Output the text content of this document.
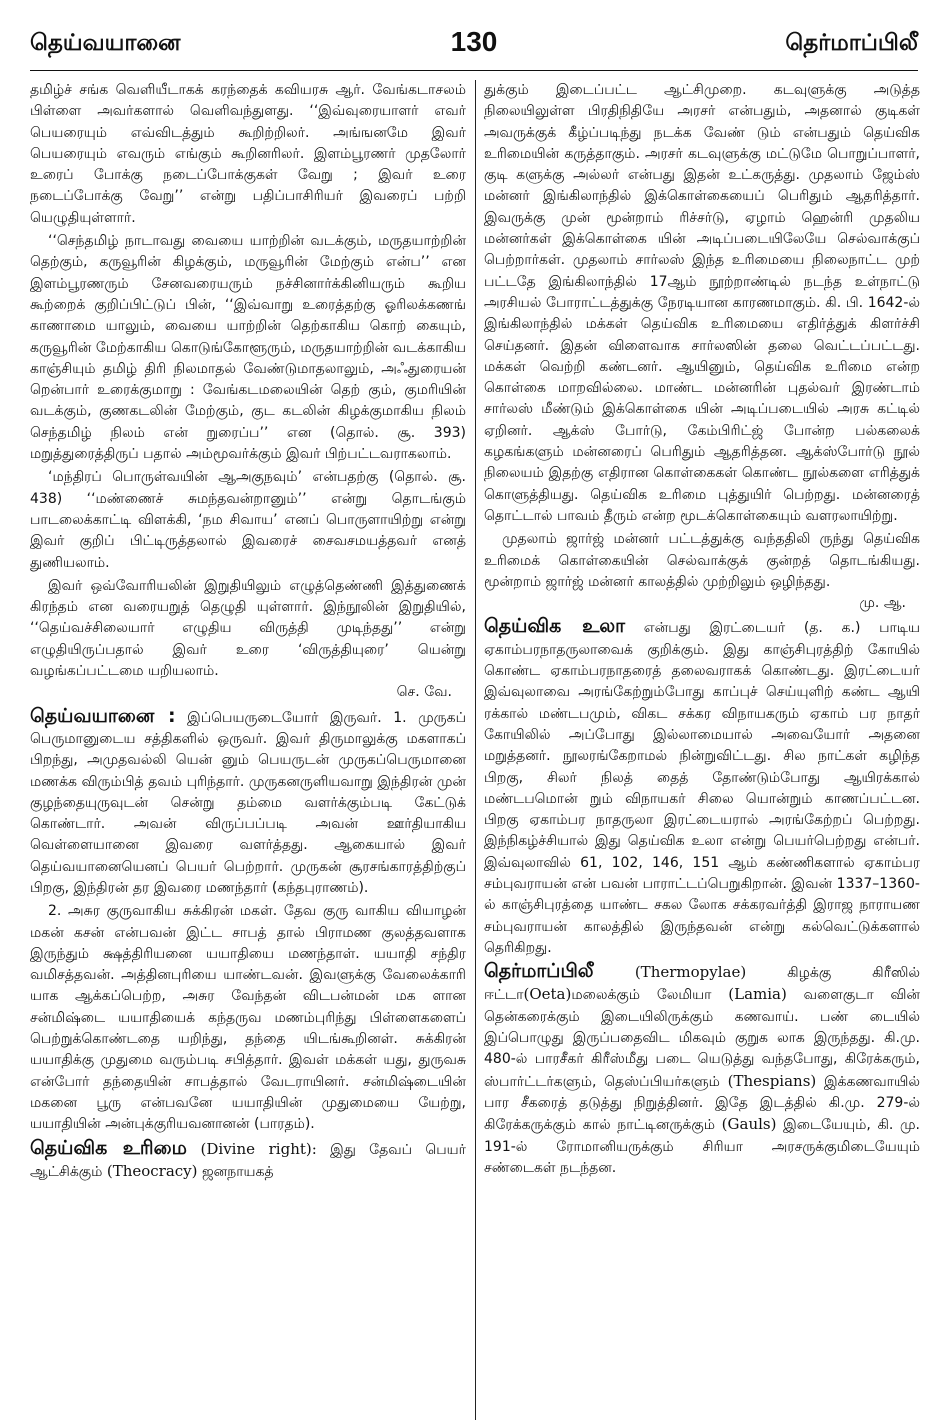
தெய்வயானை	130	தெர்மாப்பிலீ

தமிழ்ச் சங்க வெளியீடாகக் கரந்தைக் கவியரசு ஆர். வேங்கடாசலம் பிள்ளை அவர்களால் வெளிவந்துளது. ‘‘இவ்வுரையாளர் எவர் பெயரையும் எவ்விடத்தும் கூறிற்றிலர். அங்ஙனமே இவர் பெயரையும் எவரும் எங்கும் கூறினரிலர். இளம்பூரணர் முதலோர் உரைப் போக்கு நடைப்போக்குகள் வேறு ; இவர் உரை நடைப்போக்கு வேறு’’ என்று பதிப்பாசிரியர் இவரைப் பற்றி யெழுதியுள்ளார்.

‘‘செந்தமிழ் நாடாவது வையை யாற்றின் வடக்கும், மருதயாற்றின் தெற்கும், கருவூரின் கிழக்கும், மருவூரின் மேற்கும் என்ப’’ என இளம்பூரணரும் சேனவரையரும் நச்சினார்க்கினியரும் கூறிய கூற்றைக் குறிப்பிட்டுப் பின், ‘‘இவ்வாறு உரைத்தற்கு ஓரிலக்கணங் காணாமை யாலும், வையை யாற்றின் தெற்காகிய கொற் கையும், கருவூரின் மேற்காகிய கொடுங்கோளூரும், மருதயாற்றின் வடக்காகிய காஞ்சியும் தமிழ் திரி நிலமாதல் வேண்டுமாதலாலும், அஃதுரையன் றென்பார் உரைக்குமாறு : வேங்கடமலையின் தெற் கும், குமரியின் வடக்கும், குணகடலின் மேற்கும், குட கடலின் கிழக்குமாகிய நிலம் செந்தமிழ் நிலம் என் றுரைப்ப’’ என (தொல். சூ. 393) மறுத்துரைத்திருப் பதால் அம்மூவர்க்கும் இவர் பிற்பட்டவராகலாம்.

‘மந்திரப் பொருள்வயின் ஆஅகுநவும்’ என்பதற்கு (தொல். சூ. 438) ‘‘மண்ணைச் சுமந்தவன்றானும்’’ என்று தொடங்கும் பாடலைக்காட்டி விளக்கி, ‘நம சிவாய’ எனப் பொருளாயிற்று என்று இவர் குறிப் பிட்டிருத்தலால் இவரைச் சைவசமயத்தவர் எனத் துணியலாம்.

இவர் ஒவ்வோரியலின் இறுதியிலும் எழுத்தெண்ணி இத்துணைக் கிரந்தம் என வரையறுத் தெழுதி யுள்ளார். இந்நூலின் இறுதியில், ‘‘தெய்வச்சிலையார் எழுதிய விருத்தி முடிந்தது’’ என்று எழுதியிருப்பதால் இவர் உரை ‘விருத்தியுரை’ யென்று வழங்கப்பட்டமை யறியலாம்.
செ. வே.

தெய்வயானை : இப்பெயருடையோர் இருவர். 1. முருகப் பெருமானுடைய சத்திகளில் ஒருவர். இவர் திருமாலுக்கு மகளாகப் பிறந்து, அமுதவல்லி யென் னும் பெயருடன் முருகப்பெருமானை மணக்க விரும்பித் தவம் புரிந்தார். முருகனருளியவாறு இந்திரன் முன் குழந்தையுருவுடன் சென்று தம்மை வளர்க்கும்படி கேட்டுக் கொண்டார். அவன் விருப்பப்படி அவன் ஊர்தியாகிய வெள்ளையானை இவரை வளர்த்தது. ஆகையால் இவர் தெய்வயானையெனப் பெயர் பெற்றார். முருகன் சூரசங்காரத்திற்குப் பிறகு, இந்திரன் தர இவரை மணந்தார் (கந்தபுராணம்).

2. அசுர குருவாகிய சுக்கிரன் மகள். தேவ குரு வாகிய வியாழன் மகன் கசன் என்பவன் இட்ட சாபத் தால் பிராமண குலத்தவளாக இருந்தும் க்ஷத்திரியனை யயாதியை மணந்தாள். யயாதி சந்திர வமிசத்தவன். அத்தினபுரியை யாண்டவன். இவளுக்கு வேலைக்காரி யாக ஆக்கப்பெற்ற, அசுர வேந்தன் விடபன்மன் மக ளான சன்மிஷ்டை யயாதியைக் கந்தருவ மணம்புரிந்து பிள்ளைகளைப் பெற்றுக்கொண்டதை யறிந்து, தந்தை யிடங்கூறினள். சுக்கிரன் யயாதிக்கு முதுமை வரும்படி சபித்தார். இவள் மக்கள் யது, துருவசு என்போர் தந்தையின் சாபத்தால் வேடராயினர். சன்மிஷ்டையின் மகனை பூரு என்பவனே யயாதியின் முதுமையை யேற்று, யயாதியின் அன்புக்குரியவனானன் (பாரதம்).

தெய்விக உரிமை (Divine right): இது தேவப் பெயர் ஆட்சிக்கும் (Theocracy) ஜனநாயகத்

துக்கும் இடைப்பட்ட ஆட்சிமுறை. கடவுளுக்கு அடுத்த நிலையிலுள்ள பிரதிநிதியே அரசர் என்பதும், அதனால் குடிகள் அவருக்குக் கீழ்ப்படிந்து நடக்க வேண் டும் என்பதும் தெய்விக உரிமையின் கருத்தாகும். அரசர் கடவுளுக்கு மட்டுமே பொறுப்பாளர், குடி களுக்கு அல்லர் என்பது இதன் உட்கருத்து. முதலாம் ஜேம்ஸ் மன்னர் இங்கிலாந்தில் இக்கொள்கையைப் பெரிதும் ஆதரித்தார். இவருக்கு முன் மூன்றாம் ரிச்சர்டு, ஏழாம் ஹென்ரி முதலிய மன்னர்கள் இக்கொள்கை யின் அடிப்படையிலேயே செல்வாக்குப் பெற்றார்கள். முதலாம் சார்லஸ் இந்த உரிமையை நிலைநாட்ட முற் பட்டதே இங்கிலாந்தில் 17ஆம் நூற்றாண்டில் நடந்த உள்நாட்டு அரசியல் போராட்டத்துக்கு நேரடியான காரணமாகும். கி. பி. 1642-ல் இங்கிலாந்தில் மக்கள் தெய்விக உரிமையை எதிர்த்துக் கிளர்ச்சி செய்தனர். இதன் விளைவாக சார்லஸின் தலை வெட்டப்பட்டது. மக்கள் வெற்றி கண்டனர். ஆயினும், தெய்விக உரிமை என்ற கொள்கை மாறவில்லை. மாண்ட மன்னரின் புதல்வர் இரண்டாம் சார்லஸ் மீண்டும் இக்கொள்கை யின் அடிப்படையில் அரசு கட்டில் ஏறினர். ஆக்ஸ் போர்டு, கேம்பிரிட்ஜ் போன்ற பல்கலைக் கழகங்களும் மன்னரைப் பெரிதும் ஆதரித்தன. ஆக்ஸ்போர்டு நூல் நிலையம் இதற்கு எதிரான கொள்கைகள் கொண்ட நூல்களை எரித்துக் கொளுத்தியது. தெய்விக உரிமை புத்துயிர் பெற்றது. மன்னரைத் தொட்டால் பாவம் தீரும் என்ற மூடக்கொள்கையும் வளரலாயிற்று.

முதலாம் ஜார்ஜ் மன்னர் பட்டத்துக்கு வந்ததிலி ருந்து தெய்விக உரிமைக் கொள்கையின் செல்வாக்குக் குன்றத் தொடங்கியது. மூன்றாம் ஜார்ஜ் மன்னர் காலத்தில் முற்றிலும் ஒழிந்தது.
மு. ஆ.

தெய்விக உலா என்பது இரட்டையர் (த. க.) பாடிய ஏகாம்பரநாதருலாவைக் குறிக்கும். இது காஞ்சிபுரத்திற் கோயில் கொண்ட ஏகாம்பரநாதரைத் தலைவராகக் கொண்டது. இரட்டையர் இவ்வுலாவை அரங்கேற்றும்போது காப்புச் செய்யுளிற் கண்ட ஆயி ரக்கால் மண்டபமும், விகட சக்கர விநாயகரும் ஏகாம் பர நாதர் கோயிலில் அப்போது இல்லாமையால் அவையோர் அதனை மறுத்தனர். நூலரங்கேறாமல் நின்றுவிட்டது. சில நாட்கள் கழிந்த பிறகு, சிலர் நிலத் தைத் தோண்டும்போது ஆயிரக்கால் மண்டபமொன் றும் விநாயகர் சிலை யொன்றும் காணப்பட்டன. பிறகு ஏகாம்பர நாதருலா இரட்டையரால் அரங்கேற்றப் பெற்றது. இந்நிகழ்ச்சியால் இது தெய்விக உலா என்று பெயர்பெற்றது என்பர். இவ்வுலாவில் 61, 102, 146, 151 ஆம் கண்ணிகளால் ஏகாம்பர சம்புவராயன் என் பவன் பாராட்டப்பெறுகிறான். இவன் 1337–1360-ல் காஞ்சிபுரத்தை யாண்ட சகல லோக சக்கரவர்த்தி இராஜ நாராயண சம்புவராயன் காலத்தில் இருந்தவன் என்று கல்வெட்டுக்களால் தெரிகிறது.

தெர்மாப்பிலீ (Thermopylae) கிழக்கு கிரீஸில் ஈட்டா(Oeta)மலைக்கும் லேமியா (Lamia) வளைகுடா வின் தென்கரைக்கும் இடையிலிருக்கும் கணவாய். பண் டையில் இப்பொழுது இருப்பதைவிட மிகவும் குறுக லாக இருந்தது. கி.மு. 480-ல் பாரசீகர் கிரீஸ்மீது படை யெடுத்து வந்தபோது, கிரேக்கரும், ஸ்பார்ட்டர்களும், தெஸ்ப்பியர்களும் (Thespians) இக்கணவாயில் பார சீகரைத் தடுத்து நிறுத்தினர். இதே இடத்தில் கி.மு. 279-ல் கிரேக்கருக்கும் கால் நாட்டினருக்கும் (Gauls) இடையேயும், கி. மு. 191-ல் ரோமானியருக்கும் சிரியா அரசருக்குமிடையேயும் சண்டைகள் நடந்தன.
